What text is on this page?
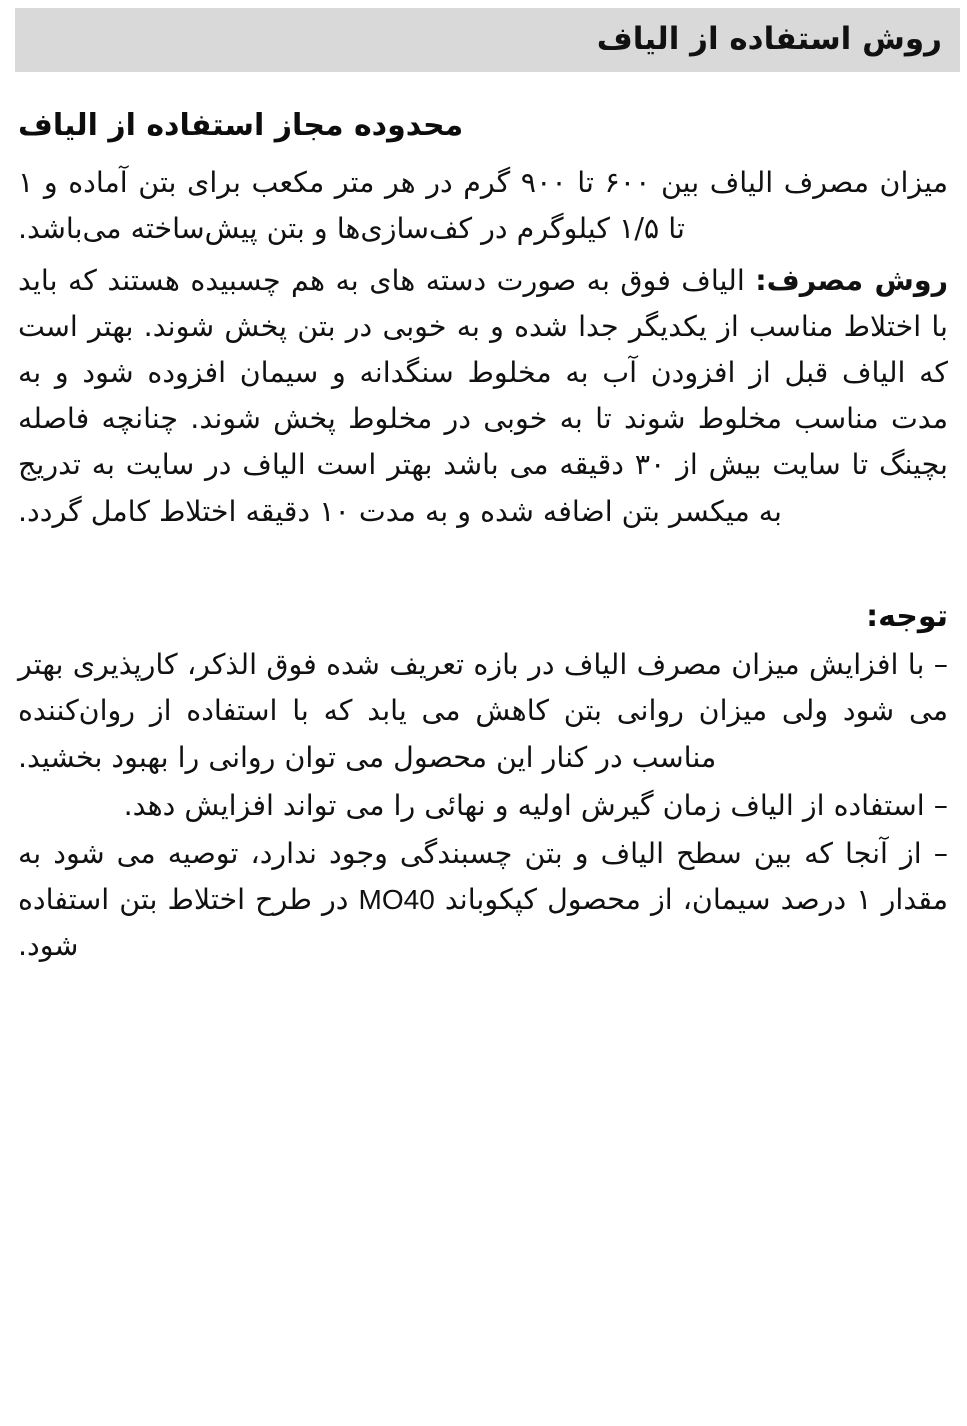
روش استفاده از الیاف
محدوده مجاز استفاده از الیاف

میزان مصرف الیاف بین ۶۰۰ تا ۹۰۰ گرم در هر متر مکعب برای بتن آماده و ۱ تا ۱/۵ کیلوگرم در کف‌سازی‌ها و بتن پیش‌ساخته می‌باشد.

روش مصرف: الیاف فوق به صورت دسته های به هم چسبیده هستند که باید با اختلاط مناسب از یکدیگر جدا شده و به خوبی در بتن پخش شوند. بهتر است که الیاف قبل از افزودن آب به مخلوط سنگدانه و سیمان افزوده شود و به مدت مناسب مخلوط شوند تا به خوبی در مخلوط پخش شوند. چنانچه فاصله بچینگ تا سایت بیش از ۳۰ دقیقه می باشد بهتر است الیاف در سایت به تدریج به میکسر بتن اضافه شده و به مدت ۱۰ دقیقه اختلاط کامل گردد.

توجه:
– با افزایش میزان مصرف الیاف در بازه تعریف شده فوق الذکر، کارپذیری بهتر می شود ولی میزان روانی بتن کاهش می یابد که با استفاده از روان‌کننده مناسب در کنار این محصول می توان روانی را بهبود بخشید.
– استفاده از الیاف زمان گیرش اولیه و نهائی را می تواند افزایش دهد.
– از آنجا که بین سطح الیاف و بتن چسبندگی وجود ندارد، توصیه می شود به مقدار ۱ درصد سیمان، از محصول کپکوباند MO40 در طرح اختلاط بتن استفاده شود.
